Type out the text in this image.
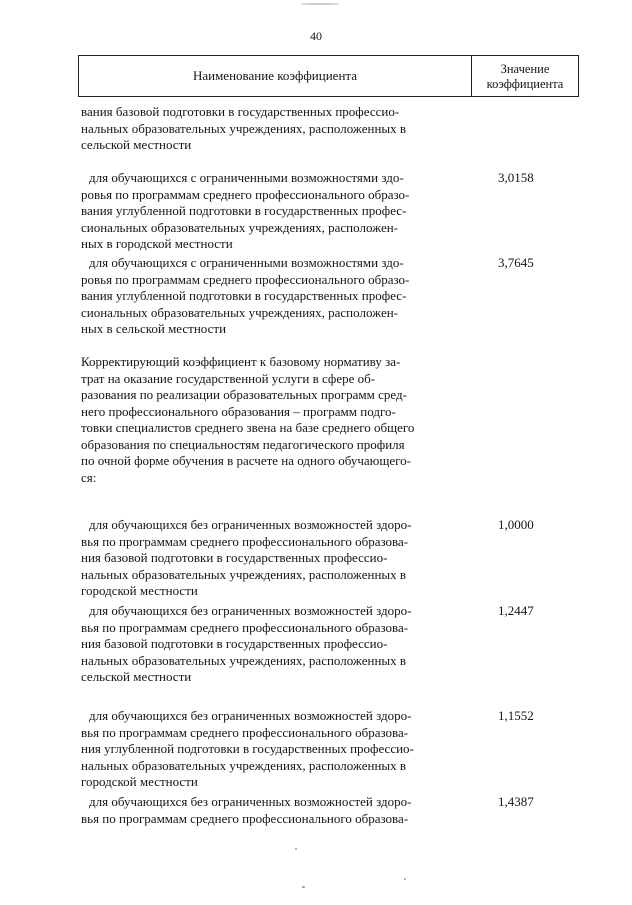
40
Наименование коэффициента	Значение
коэффициента
вания базовой подготовки в государственных профессио-
нальных образовательных учреждениях, расположенных в
сельской местности
для обучающихся с ограниченными возможностями здо-
ровья по программам среднего профессионального образо-
вания углубленной подготовки в государственных профес-
сиональных образовательных учреждениях, расположен-
ных в городской местности
3,0158
для обучающихся с ограниченными возможностями здо-
ровья по программам среднего профессионального образо-
вания углубленной подготовки в государственных профес-
сиональных образовательных учреждениях, расположен-
ных в сельской местности
3,7645
Корректирующий коэффициент к базовому нормативу за-
трат на оказание государственной услуги в сфере об-
разования по реализации образовательных программ сред-
него профессионального образования – программ подго-
товки специалистов среднего звена на базе среднего общего
образования по специальностям педагогического профиля
по очной форме обучения в расчете на одного обучающего-
ся:
для обучающихся без ограниченных возможностей здоро-
вья по программам среднего профессионального образова-
ния базовой подготовки в государственных профессио-
нальных образовательных учреждениях, расположенных в
городской местности
1,0000
для обучающихся без ограниченных возможностей здоро-
вья по программам среднего профессионального образова-
ния базовой подготовки в государственных профессио-
нальных образовательных учреждениях, расположенных в
сельской местности
1,2447
для обучающихся без ограниченных возможностей здоро-
вья по программам среднего профессионального образова-
ния углубленной подготовки в государственных профессио-
нальных образовательных учреждениях, расположенных в
городской местности
1,1552
для обучающихся без ограниченных возможностей здоро-
вья по программам среднего профессионального образова-
1,4387
